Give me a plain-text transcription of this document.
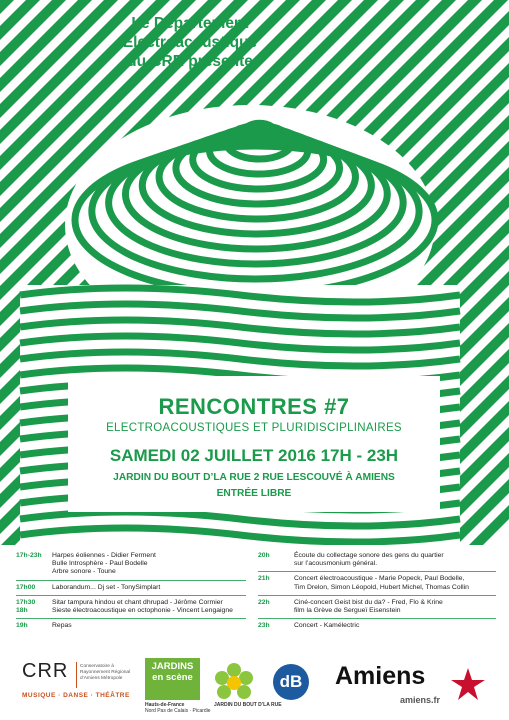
Le Département
Electroacoustique
du CRR présente
RENCONTRES #7
ELECTROACOUSTIQUES ET PLURIDISCIPLINAIRES
SAMEDI 02 JUILLET 2016 17H - 23H
JARDIN DU BOUT D’LA RUE 2 RUE LESCOUVÉ À AMIENS
ENTRÉE LIBRE
17h-23h	Harpes éoliennes - Didier Ferment
Bulle Introsphère - Paul Bodelle
Arbre sonore - Toune
17h00	Laborandum... Dj set - TonySimplart
17h30	Sitar tampura hindou et chant dhrupad - Jérôme Cormier
18h	Sieste électroacoustique en octophonie - Vincent Lengaigne
19h	Repas
20h	Écoute du collectage sonore des gens du quartier
sur l’acousmonium général.
21h	Concert électroacoustique - Marie Popeck, Paul Bodelle,
Tim Drelon, Simon Léopold, Hubert Michel, Thomas Collin
22h	Ciné-concert Geist bist du da? - Fred, Flo & Krine
film la Grève de Sergueï Eisenstein
23h	Concert - Kamélectric
CRR Conservatoire à Rayonnement Régional d’Amiens Métropole
MUSIQUE · DANSE · THÉÂTRE
JARDINS
en scène
Hauts-de-France
Nord Pas de Calais · Picardie
JARDIN DU BOUT D’LA RUE
dB Amiens
amiens.fr
